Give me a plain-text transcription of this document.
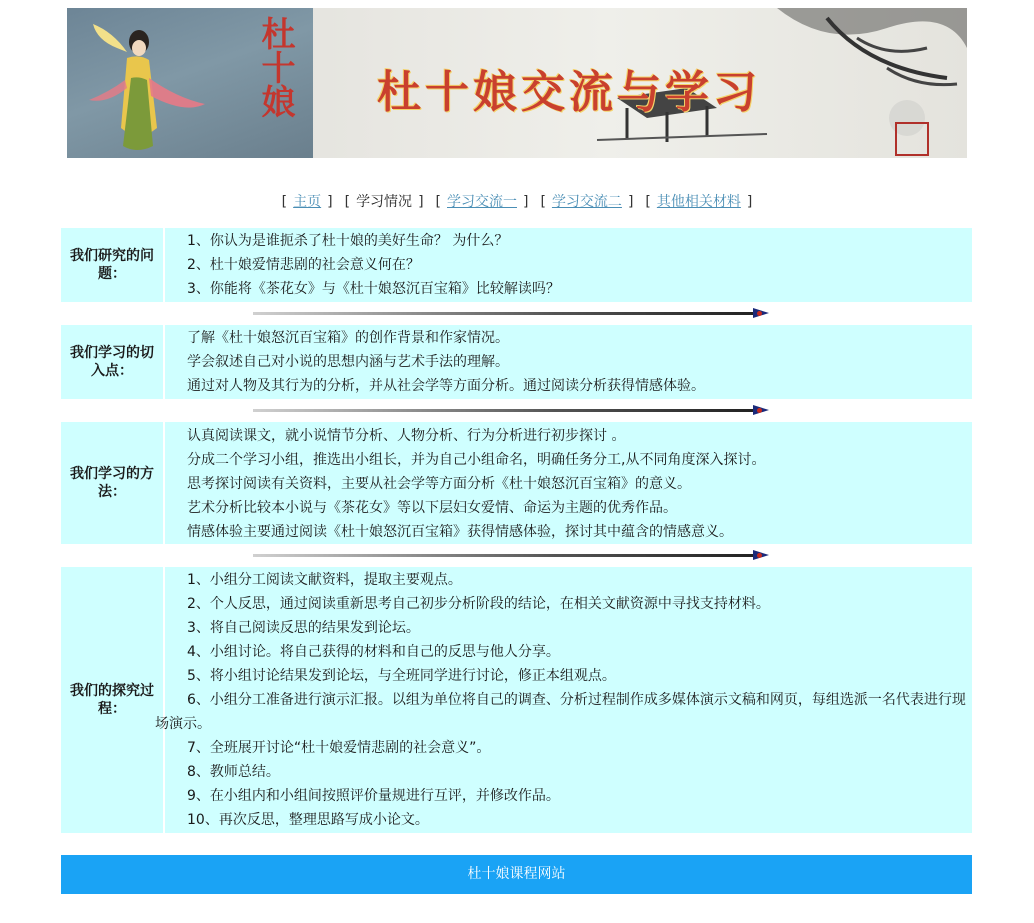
杜十娘 杜十娘交流与学习
[ 主页 ] [ 学习情况 ] [ 学习交流一 ] [ 学习交流二 ] [ 其他相关材料 ]
我们研究的问题：

1、你认为是谁扼杀了杜十娘的美好生命？ 为什么？

2、杜十娘爱情悲剧的社会意义何在？

3、你能将《茶花女》与《杜十娘怒沉百宝箱》比较解读吗？

我们学习的切入点：

了解《杜十娘怒沉百宝箱》的创作背景和作家情况。

学会叙述自己对小说的思想内涵与艺术手法的理解。

通过对人物及其行为的分析，并从社会学等方面分析。通过阅读分析获得情感体验。

我们学习的方法：

认真阅读课文，就小说情节分析、人物分析、行为分析进行初步探讨 。

分成二个学习小组，推选出小组长，并为自己小组命名，明确任务分工,从不同角度深入探讨。

思考探讨阅读有关资料，主要从社会学等方面分析《杜十娘怒沉百宝箱》的意义。

艺术分析比较本小说与《茶花女》等以下层妇女爱情、命运为主题的优秀作品。

情感体验主要通过阅读《杜十娘怒沉百宝箱》获得情感体验，探讨其中蕴含的情感意义。

我们的探究过程：

1、小组分工阅读文献资料，提取主要观点。

2、个人反思，通过阅读重新思考自己初步分析阶段的结论，在相关文献资源中寻找支持材料。

3、将自己阅读反思的结果发到论坛。

4、小组讨论。将自己获得的材料和自己的反思与他人分享。

5、将小组讨论结果发到论坛，与全班同学进行讨论，修正本组观点。

6、小组分工准备进行演示汇报。以组为单位将自己的调查、分析过程制作成多媒体演示文稿和网页，每组选派一名代表进行现场演示。

7、全班展开讨论“杜十娘爱情悲剧的社会意义”。

8、教师总结。

9、在小组内和小组间按照评价量规进行互评，并修改作品。

10、再次反思，整理思路写成小论文。

杜十娘课程网站
